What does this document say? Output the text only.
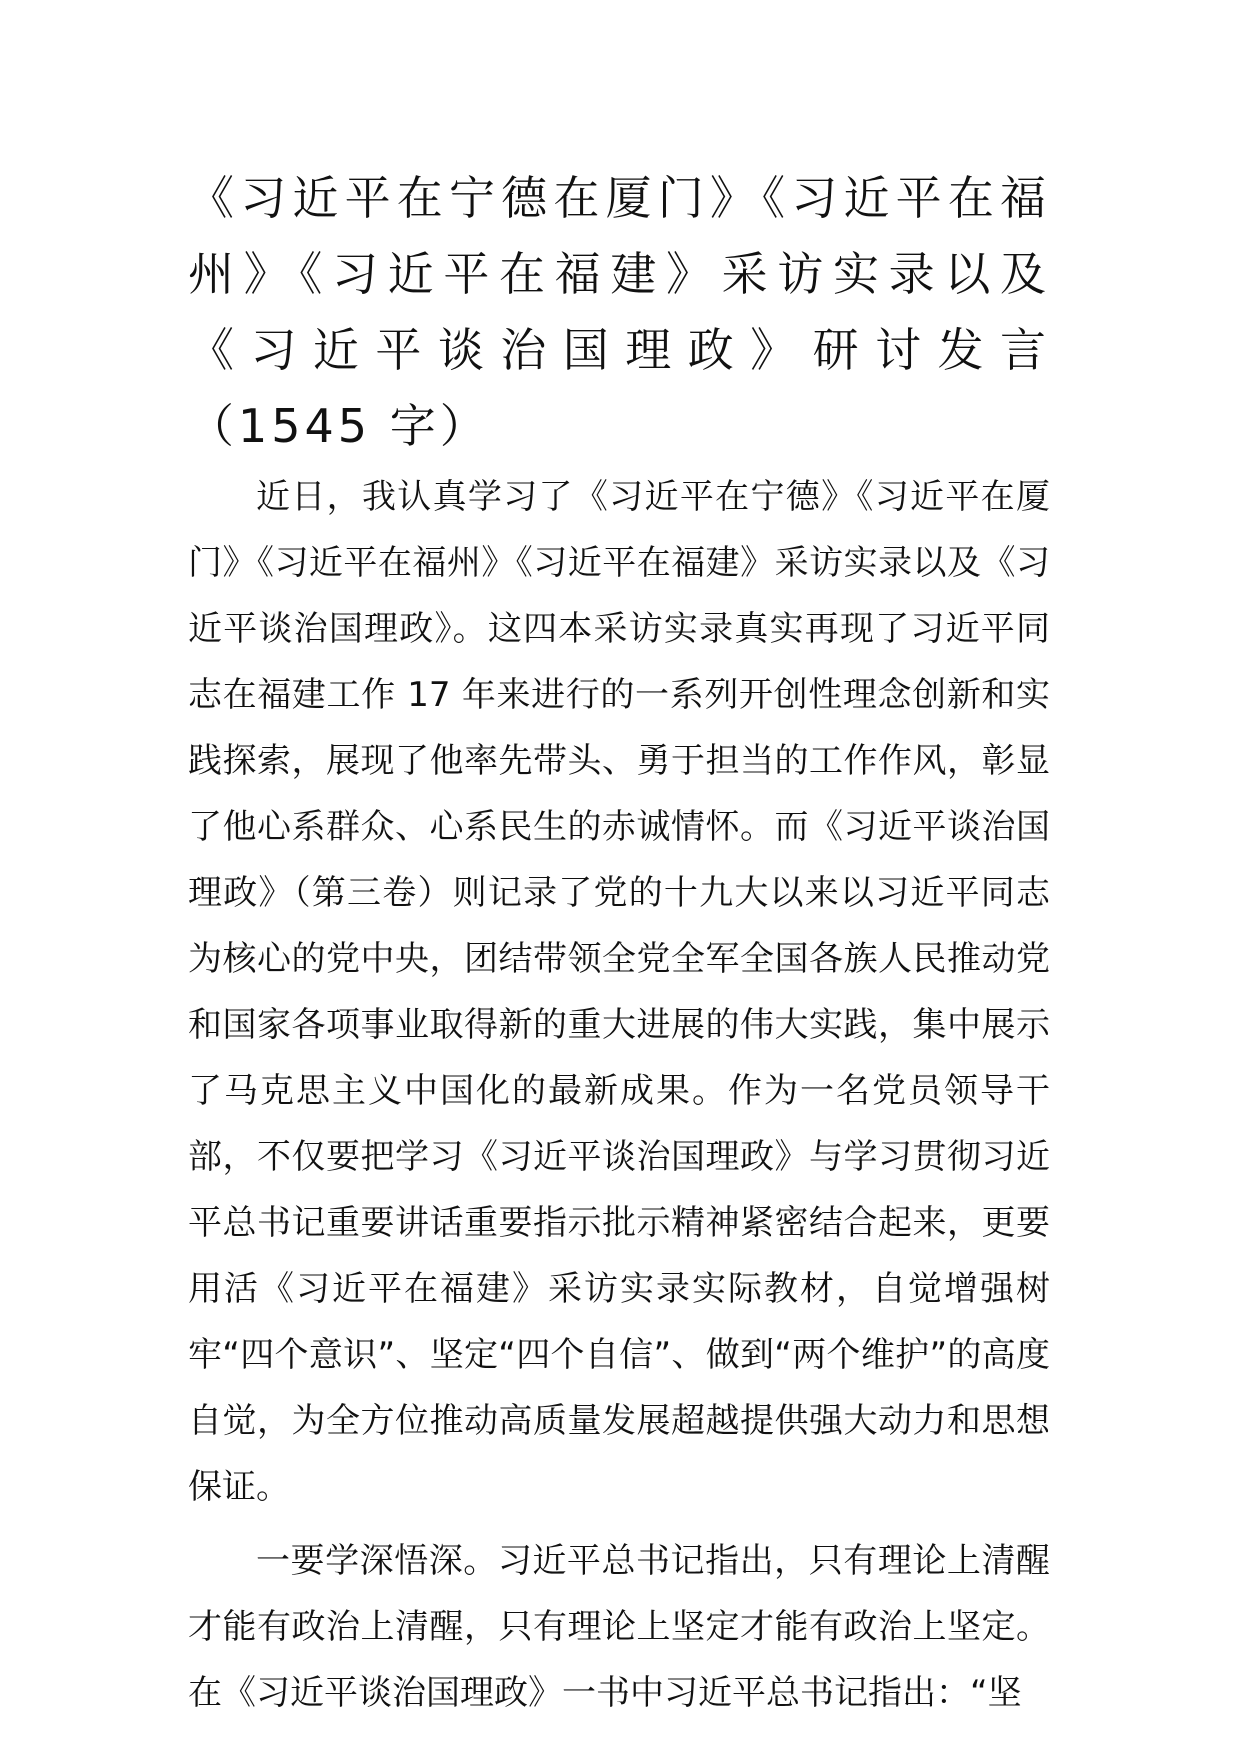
《习近平在宁德在厦门》《习近平在福州》《习近平在福建》采访实录以及《习近平谈治国理政》研讨发言（1545 字）

近日，我认真学习了《习近平在宁德》《习近平在厦门》《习近平在福州》《习近平在福建》采访实录以及《习近平谈治国理政》。这四本采访实录真实再现了习近平同志在福建工作 17 年来进行的一系列开创性理念创新和实践探索，展现了他率先带头、勇于担当的工作作风，彰显了他心系群众、心系民生的赤诚情怀。而《习近平谈治国理政》（第三卷）则记录了党的十九大以来以习近平同志为核心的党中央，团结带领全党全军全国各族人民推动党和国家各项事业取得新的重大进展的伟大实践，集中展示了马克思主义中国化的最新成果。作为一名党员领导干部，不仅要把学习《习近平谈治国理政》与学习贯彻习近平总书记重要讲话重要指示批示精神紧密结合起来，更要用活《习近平在福建》采访实录实际教材，自觉增强树牢“四个意识”、坚定“四个自信”、做到“两个维护”的高度自觉，为全方位推动高质量发展超越提供强大动力和思想保证。

一要学深悟深。习近平总书记指出，只有理论上清醒才能有政治上清醒，只有理论上坚定才能有政治上坚定。在《习近平谈治国理政》一书中习近平总书记指出：“坚
